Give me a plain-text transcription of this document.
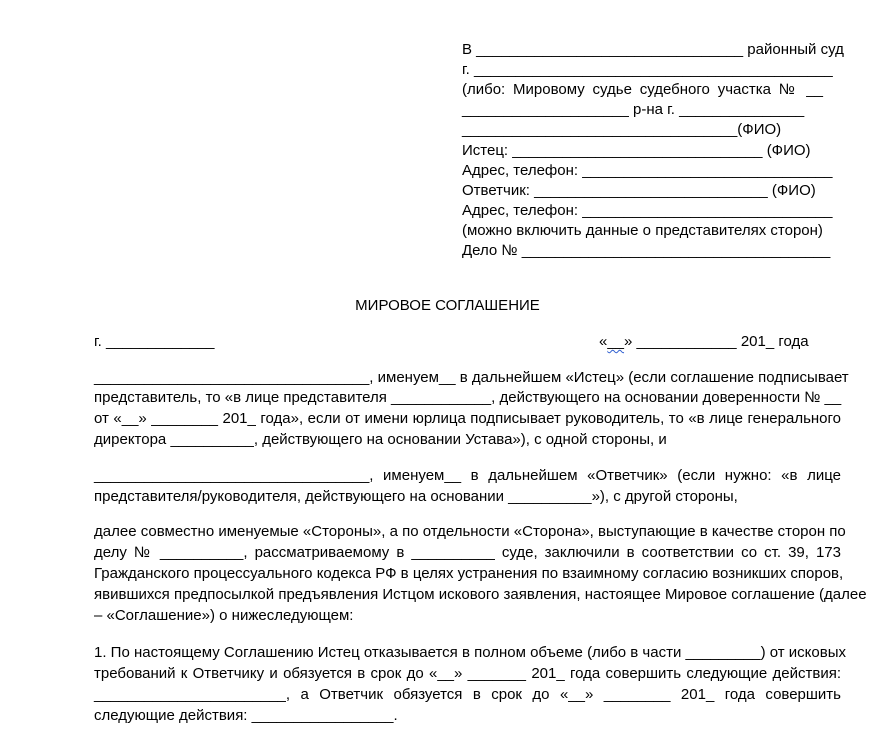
В ________________________________ районный суд
г. ___________________________________________
(либо: Мировому судье судебного участка № __
____________________ р-на г. _______________
_________________________________(ФИО)
Истец: ______________________________ (ФИО)
Адрес, телефон: ______________________________
Ответчик: ____________________________ (ФИО)
Адрес, телефон: ______________________________
(можно включить данные о представителях сторон)
Дело № _____________________________________
МИРОВОЕ СОГЛАШЕНИЕ
г. _____________	«__» ____________ 201_ года
_________________________________, именуем__ в дальнейшем «Истец» (если соглашение подписывает
представитель, то «в лице представителя ____________, действующего на основании доверенности № __
от «__» ________ 201_ года», если от имени юрлица подписывает руководитель, то «в лице генерального
директора __________, действующего на основании Устава»), с одной стороны, и
_________________________________, именуем__ в дальнейшем «Ответчик» (если нужно: «в лице
представителя/руководителя, действующего на основании __________»), с другой стороны,
далее совместно именуемые «Стороны», а по отдельности «Сторона», выступающие в качестве сторон по
делу № __________, рассматриваемому в __________ суде, заключили в соответствии со ст. 39, 173
Гражданского процессуального кодекса РФ в целях устранения по взаимному согласию возникших споров,
явившихся предпосылкой предъявления Истцом искового заявления, настоящее Мировое соглашение (далее
– «Соглашение») о нижеследующем:
1. По настоящему Соглашению Истец отказывается в полном объеме (либо в части _________) от исковых
требований к Ответчику и обязуется в срок до «__» _______ 201_ года совершить следующие действия:
_______________________, а Ответчик обязуется в срок до «__» ________ 201_ года совершить
следующие действия: _________________.
